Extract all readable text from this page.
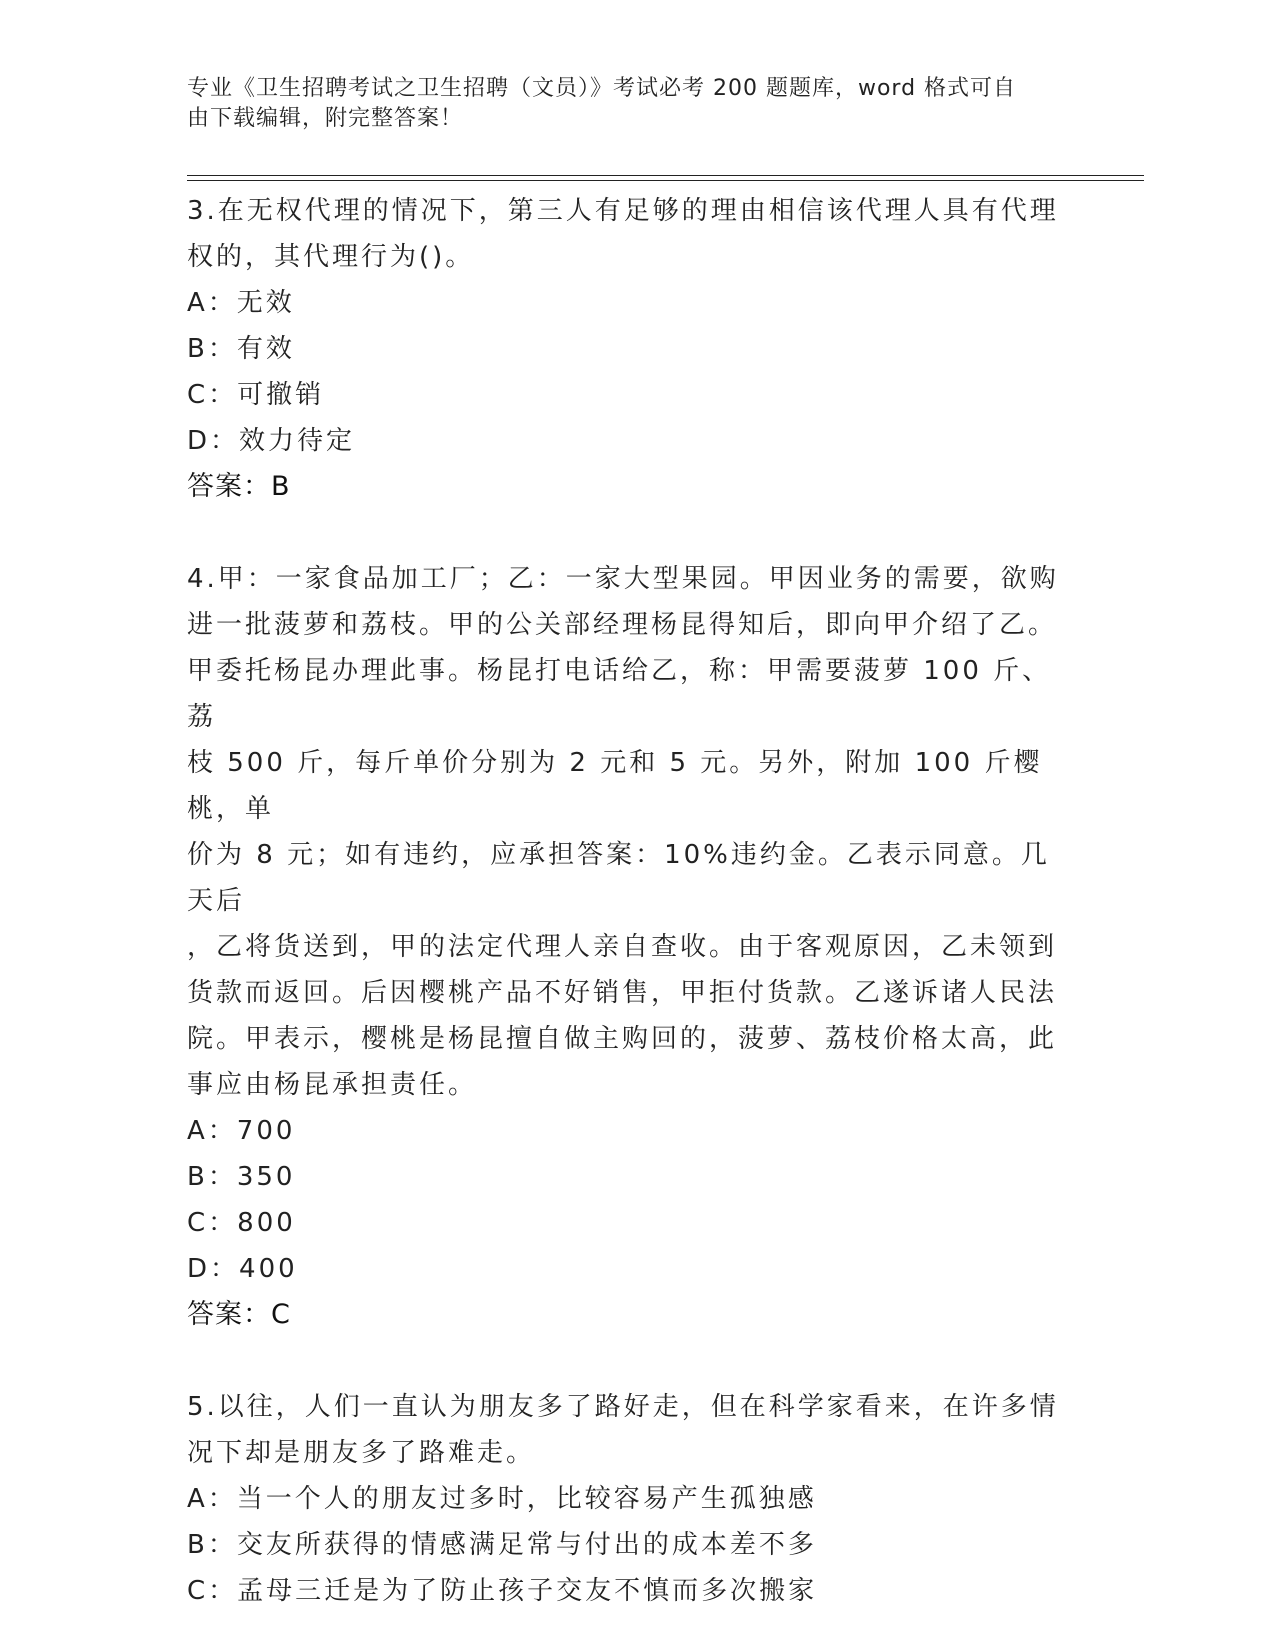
专业《卫生招聘考试之卫生招聘（文员）》考试必考 200 题题库，word 格式可自
由下载编辑，附完整答案！

3.在无权代理的情况下，第三人有足够的理由相信该代理人具有代理

权的，其代理行为()。

A：无效

B：有效

C：可撤销

D：效力待定

答案：B

4.甲：一家食品加工厂；乙：一家大型果园。甲因业务的需要，欲购

进一批菠萝和荔枝。甲的公关部经理杨昆得知后，即向甲介绍了乙。

甲委托杨昆办理此事。杨昆打电话给乙，称：甲需要菠萝 100 斤、荔

枝 500 斤，每斤单价分别为 2 元和 5 元。另外，附加 100 斤樱桃，单

价为 8 元；如有违约，应承担答案：10%违约金。乙表示同意。几天后

，乙将货送到，甲的法定代理人亲自查收。由于客观原因，乙未领到

货款而返回。后因樱桃产品不好销售，甲拒付货款。乙遂诉诸人民法

院。甲表示，樱桃是杨昆擅自做主购回的，菠萝、荔枝价格太高，此

事应由杨昆承担责任。

A：700

B：350

C：800

D：400

答案：C

5.以往，人们一直认为朋友多了路好走，但在科学家看来，在许多情

况下却是朋友多了路难走。

A：当一个人的朋友过多时，比较容易产生孤独感

B：交友所获得的情感满足常与付出的成本差不多

C：孟母三迁是为了防止孩子交友不慎而多次搬家
